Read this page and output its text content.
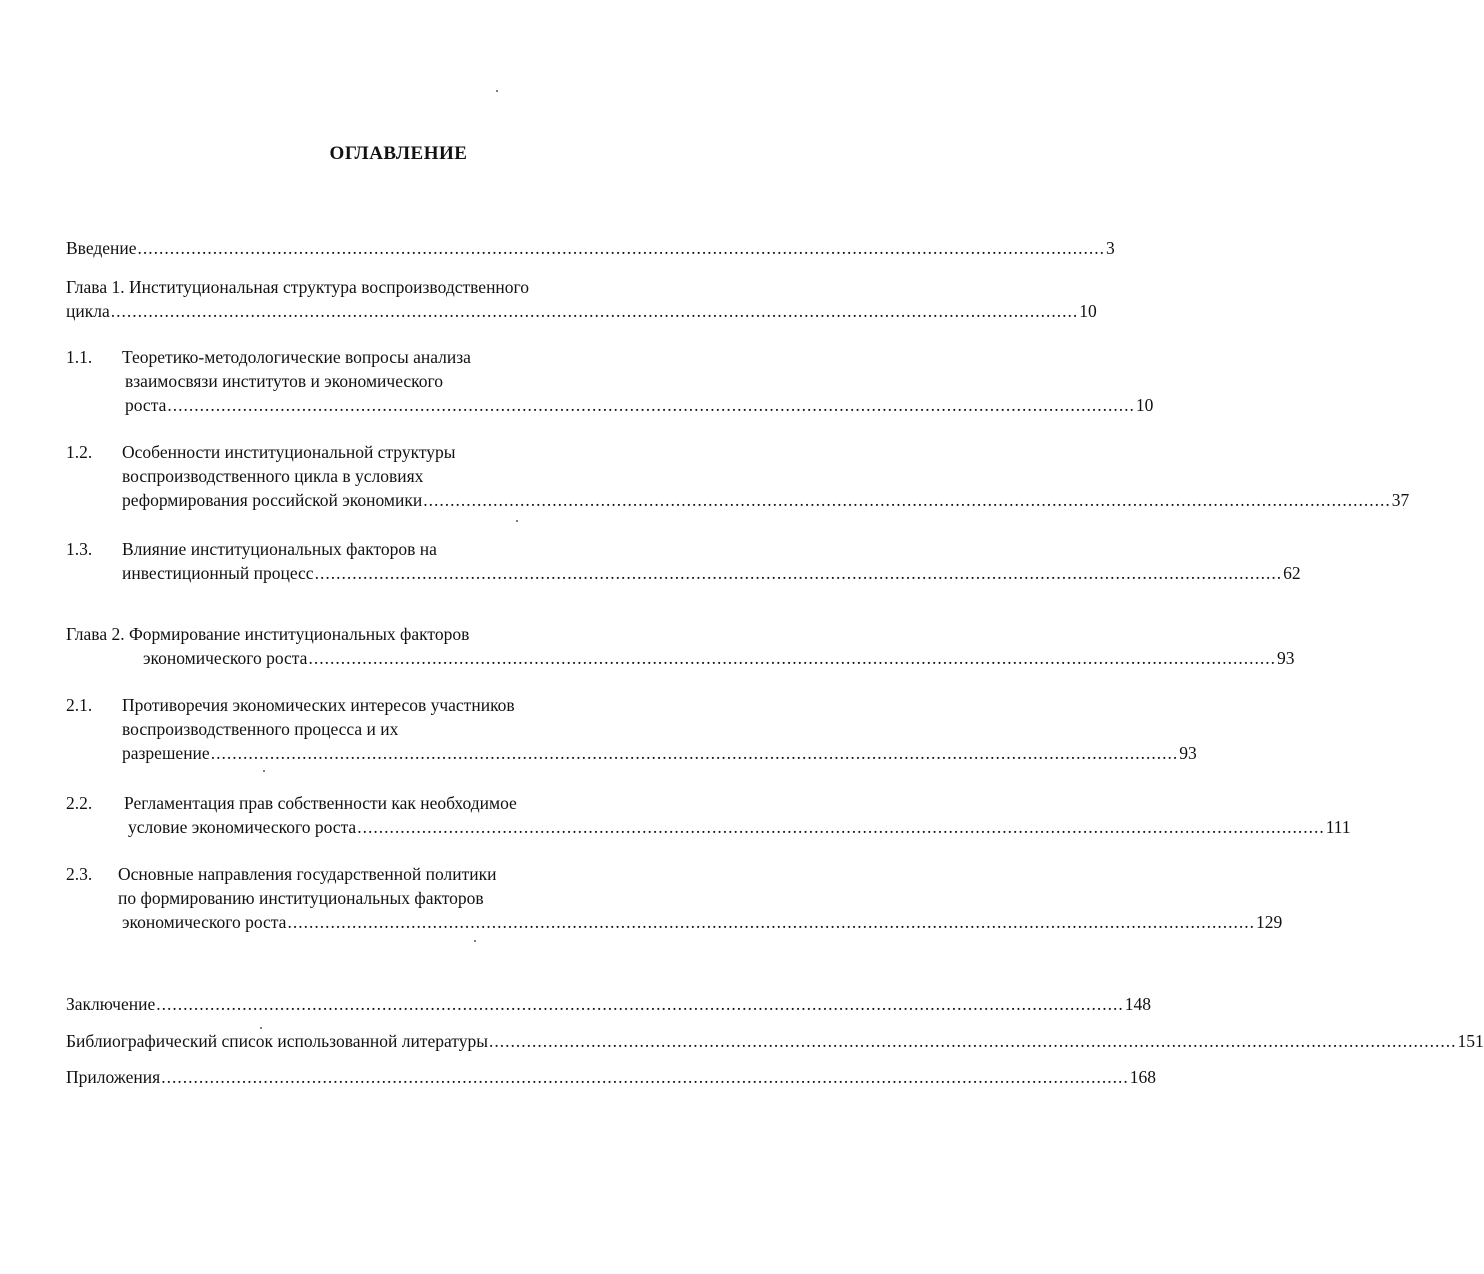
ОГЛАВЛЕНИЕ
Введение .................................................................................................................................................................................... 3
Глава 1. Институциональная структура воспроизводственного
цикла .................................................................................................................................................................................... 10
1.1. Теоретико-методологические вопросы анализа
взаимосвязи институтов и экономического
роста .................................................................................................................................................................................... 10
1.2. Особенности институциональной структуры
воспроизводственного цикла в условиях
реформирования российской экономики .................................................................................................................................................................................... 37
1.3. Влияние институциональных факторов на
инвестиционный процесс .................................................................................................................................................................................... 62
Глава 2. Формирование институциональных факторов
экономического роста .................................................................................................................................................................................... 93
2.1. Противоречия экономических интересов участников
воспроизводственного процесса и их
разрешение .................................................................................................................................................................................... 93
2.2. Регламентация прав собственности как необходимое
условие экономического роста .................................................................................................................................................................................... 111
2.3. Основные направления государственной политики
по формированию институциональных факторов
экономического роста .................................................................................................................................................................................... 129
Заключение .................................................................................................................................................................................... 148
Библиографический список использованной литературы .................................................................................................................................................................................... 151
Приложения .................................................................................................................................................................................... 168
